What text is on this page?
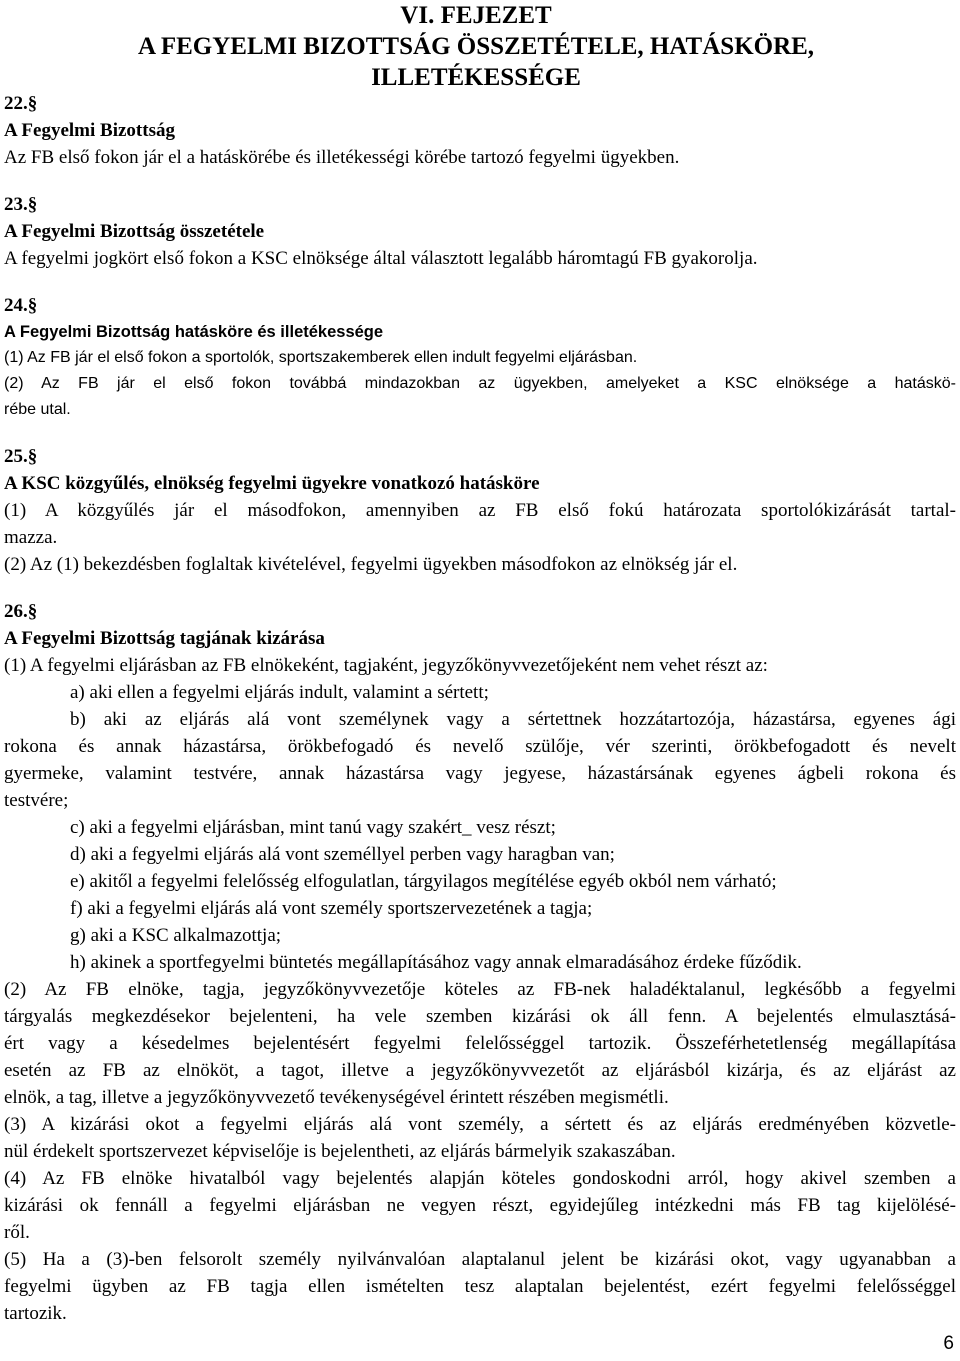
VI. FEJEZET
A FEGYELMI BIZOTTSÁG ÖSSZETÉTELE, HATÁSKÖRE,
ILLETÉKESSÉGE
22.§
A Fegyelmi Bizottság
Az FB első fokon jár el a hatáskörébe és illetékességi körébe tartozó fegyelmi ügyekben.
23.§
A Fegyelmi Bizottság összetétele
A fegyelmi jogkört első fokon a KSC elnöksége által választott legalább háromtagú FB gyakorolja.
24.§
A Fegyelmi Bizottság hatásköre és illetékessége
(1) Az FB jár el első fokon a sportolók, sportszakemberek ellen indult fegyelmi eljárásban.
(2) Az FB jár el első fokon továbbá mindazokban az ügyekben, amelyeket a KSC elnöksége a hatáskö-
rébe utal.
25.§
A KSC közgyűlés, elnökség fegyelmi ügyekre vonatkozó hatásköre
(1) A közgyűlés jár el másodfokon, amennyiben az FB első fokú határozata sportolókizárását tartal-
mazza.
(2) Az (1) bekezdésben foglaltak kivételével, fegyelmi ügyekben másodfokon az elnökség jár el.
26.§
A Fegyelmi Bizottság tagjának kizárása
(1) A fegyelmi eljárásban az FB elnökeként, tagjaként, jegyzőkönyvvezetőjeként nem vehet részt az:
a) aki ellen a fegyelmi eljárás indult, valamint a sértett;
b) aki az eljárás alá vont személynek vagy a sértettnek hozzátartozója, házastársa, egyenes ági
rokona és annak házastársa, örökbefogadó és nevelő szülője, vér szerinti, örökbefogadott és nevelt
gyermeke, valamint testvére, annak házastársa vagy jegyese, házastársának egyenes ágbeli rokona és
testvére;
c) aki a fegyelmi eljárásban, mint tanú vagy szakért_ vesz részt;
d) aki a fegyelmi eljárás alá vont személlyel perben vagy haragban van;
e) akitől a fegyelmi felelősség elfogulatlan, tárgyilagos megítélése egyéb okból nem várható;
f) aki a fegyelmi eljárás alá vont személy sportszervezetének a tagja;
g) aki a KSC alkalmazottja;
h) akinek a sportfegyelmi büntetés megállapításához vagy annak elmaradásához érdeke fűződik.
(2) Az FB elnöke, tagja, jegyzőkönyvvezetője köteles az FB-nek haladéktalanul, legkésőbb a fegyelmi
tárgyalás megkezdésekor bejelenteni, ha vele szemben kizárási ok áll fenn. A bejelentés elmulasztásá-
ért vagy a késedelmes bejelentésért fegyelmi felelősséggel tartozik. Összeférhetetlenség megállapítása
esetén az FB az elnököt, a tagot, illetve a jegyzőkönyvvezetőt az eljárásból kizárja, és az eljárást az
elnök, a tag, illetve a jegyzőkönyvvezető tevékenységével érintett részében megismétli.
(3) A kizárási okot a fegyelmi eljárás alá vont személy, a sértett és az eljárás eredményében közvetle-
nül érdekelt sportszervezet képviselője is bejelentheti, az eljárás bármelyik szakaszában.
(4) Az FB elnöke hivatalból vagy bejelentés alapján köteles gondoskodni arról, hogy akivel szemben a
kizárási ok fennáll a fegyelmi eljárásban ne vegyen részt, egyidejűleg intézkedni más FB tag kijelölésé-
ről.
(5) Ha a (3)-ben felsorolt személy nyilvánvalóan alaptalanul jelent be kizárási okot, vagy ugyanabban a
fegyelmi ügyben az FB tagja ellen ismételten tesz alaptalan bejelentést, ezért fegyelmi felelősséggel
tartozik.
6
